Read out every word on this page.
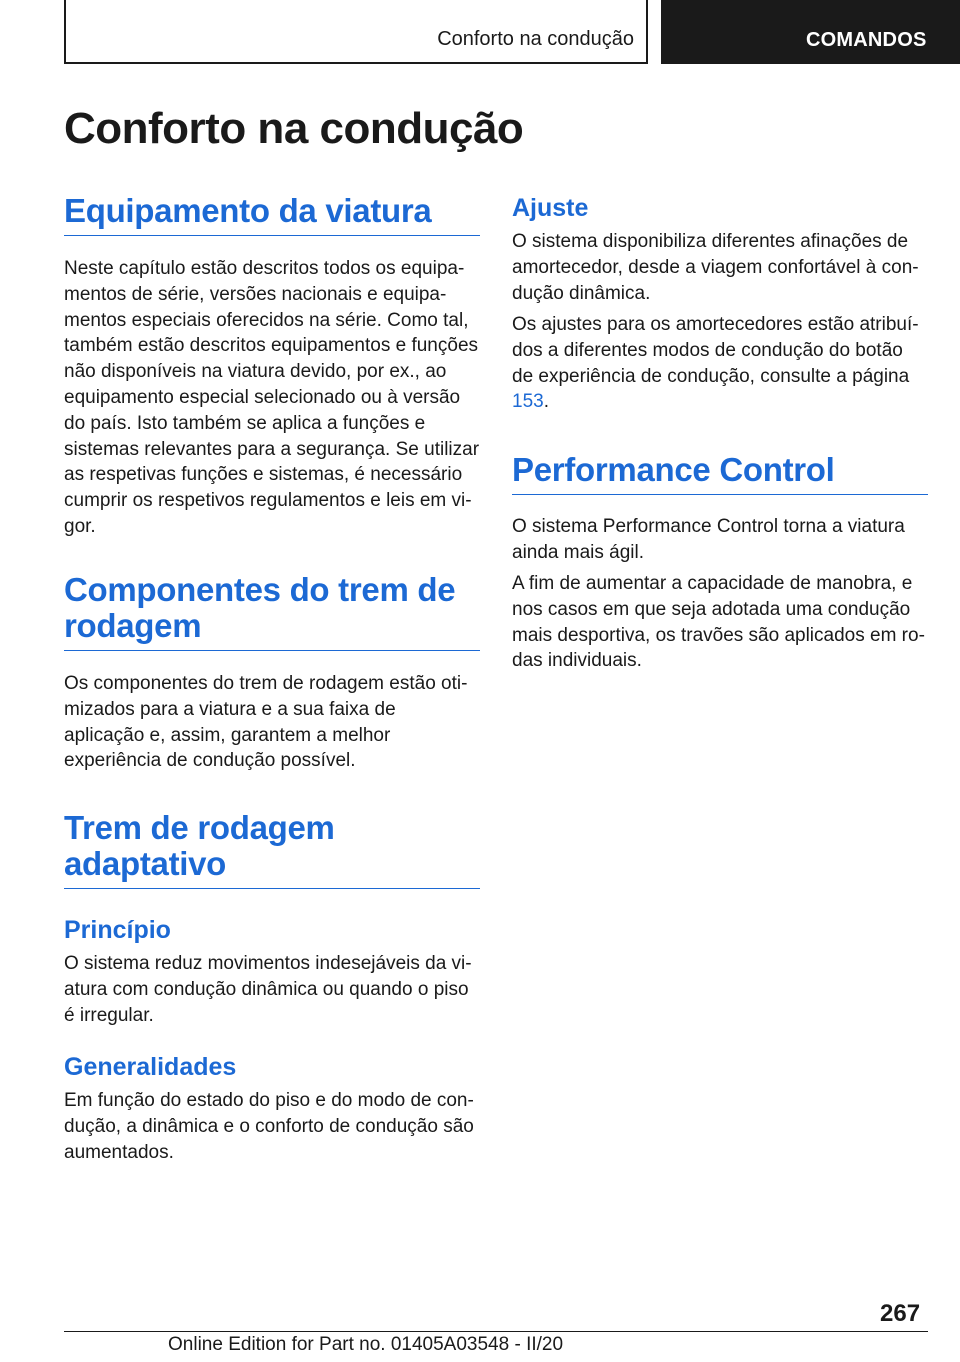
Conforto na condução	COMANDOS
Conforto na condução
Equipamento da viatura

Neste capítulo estão descritos todos os equipamentos de série, versões nacionais e equipamentos especiais oferecidos na série. Como tal, também estão descritos equipamentos e funções não disponíveis na viatura devido, por ex., ao equipamento especial selecionado ou à versão do país. Isto também se aplica a funções e sistemas relevantes para a segurança. Se utilizar as respetivas funções e sistemas, é necessário cumprir os respetivos regulamentos e leis em vigor.

Componentes do trem de rodagem

Os componentes do trem de rodagem estão otimizados para a viatura e a sua faixa de aplicação e, assim, garantem a melhor experiência de condução possível.

Trem de rodagem adaptativo
Princípio

O sistema reduz movimentos indesejáveis da viatura com condução dinâmica ou quando o piso é irregular.

Generalidades

Em função do estado do piso e do modo de condução, a dinâmica e o conforto de condução são aumentados.

Ajuste

O sistema disponibiliza diferentes afinações de amortecedor, desde a viagem confortável à condução dinâmica.

Os ajustes para os amortecedores estão atribuídos a diferentes modos de condução do botão de experiência de condução, consulte a página 153.

Performance Control

O sistema Performance Control torna a viatura ainda mais ágil.

A fim de aumentar a capacidade de manobra, e nos casos em que seja adotada uma condução mais desportiva, os travões são aplicados em rodas individuais.

267
Online Edition for Part no. 01405A03548 - II/20
